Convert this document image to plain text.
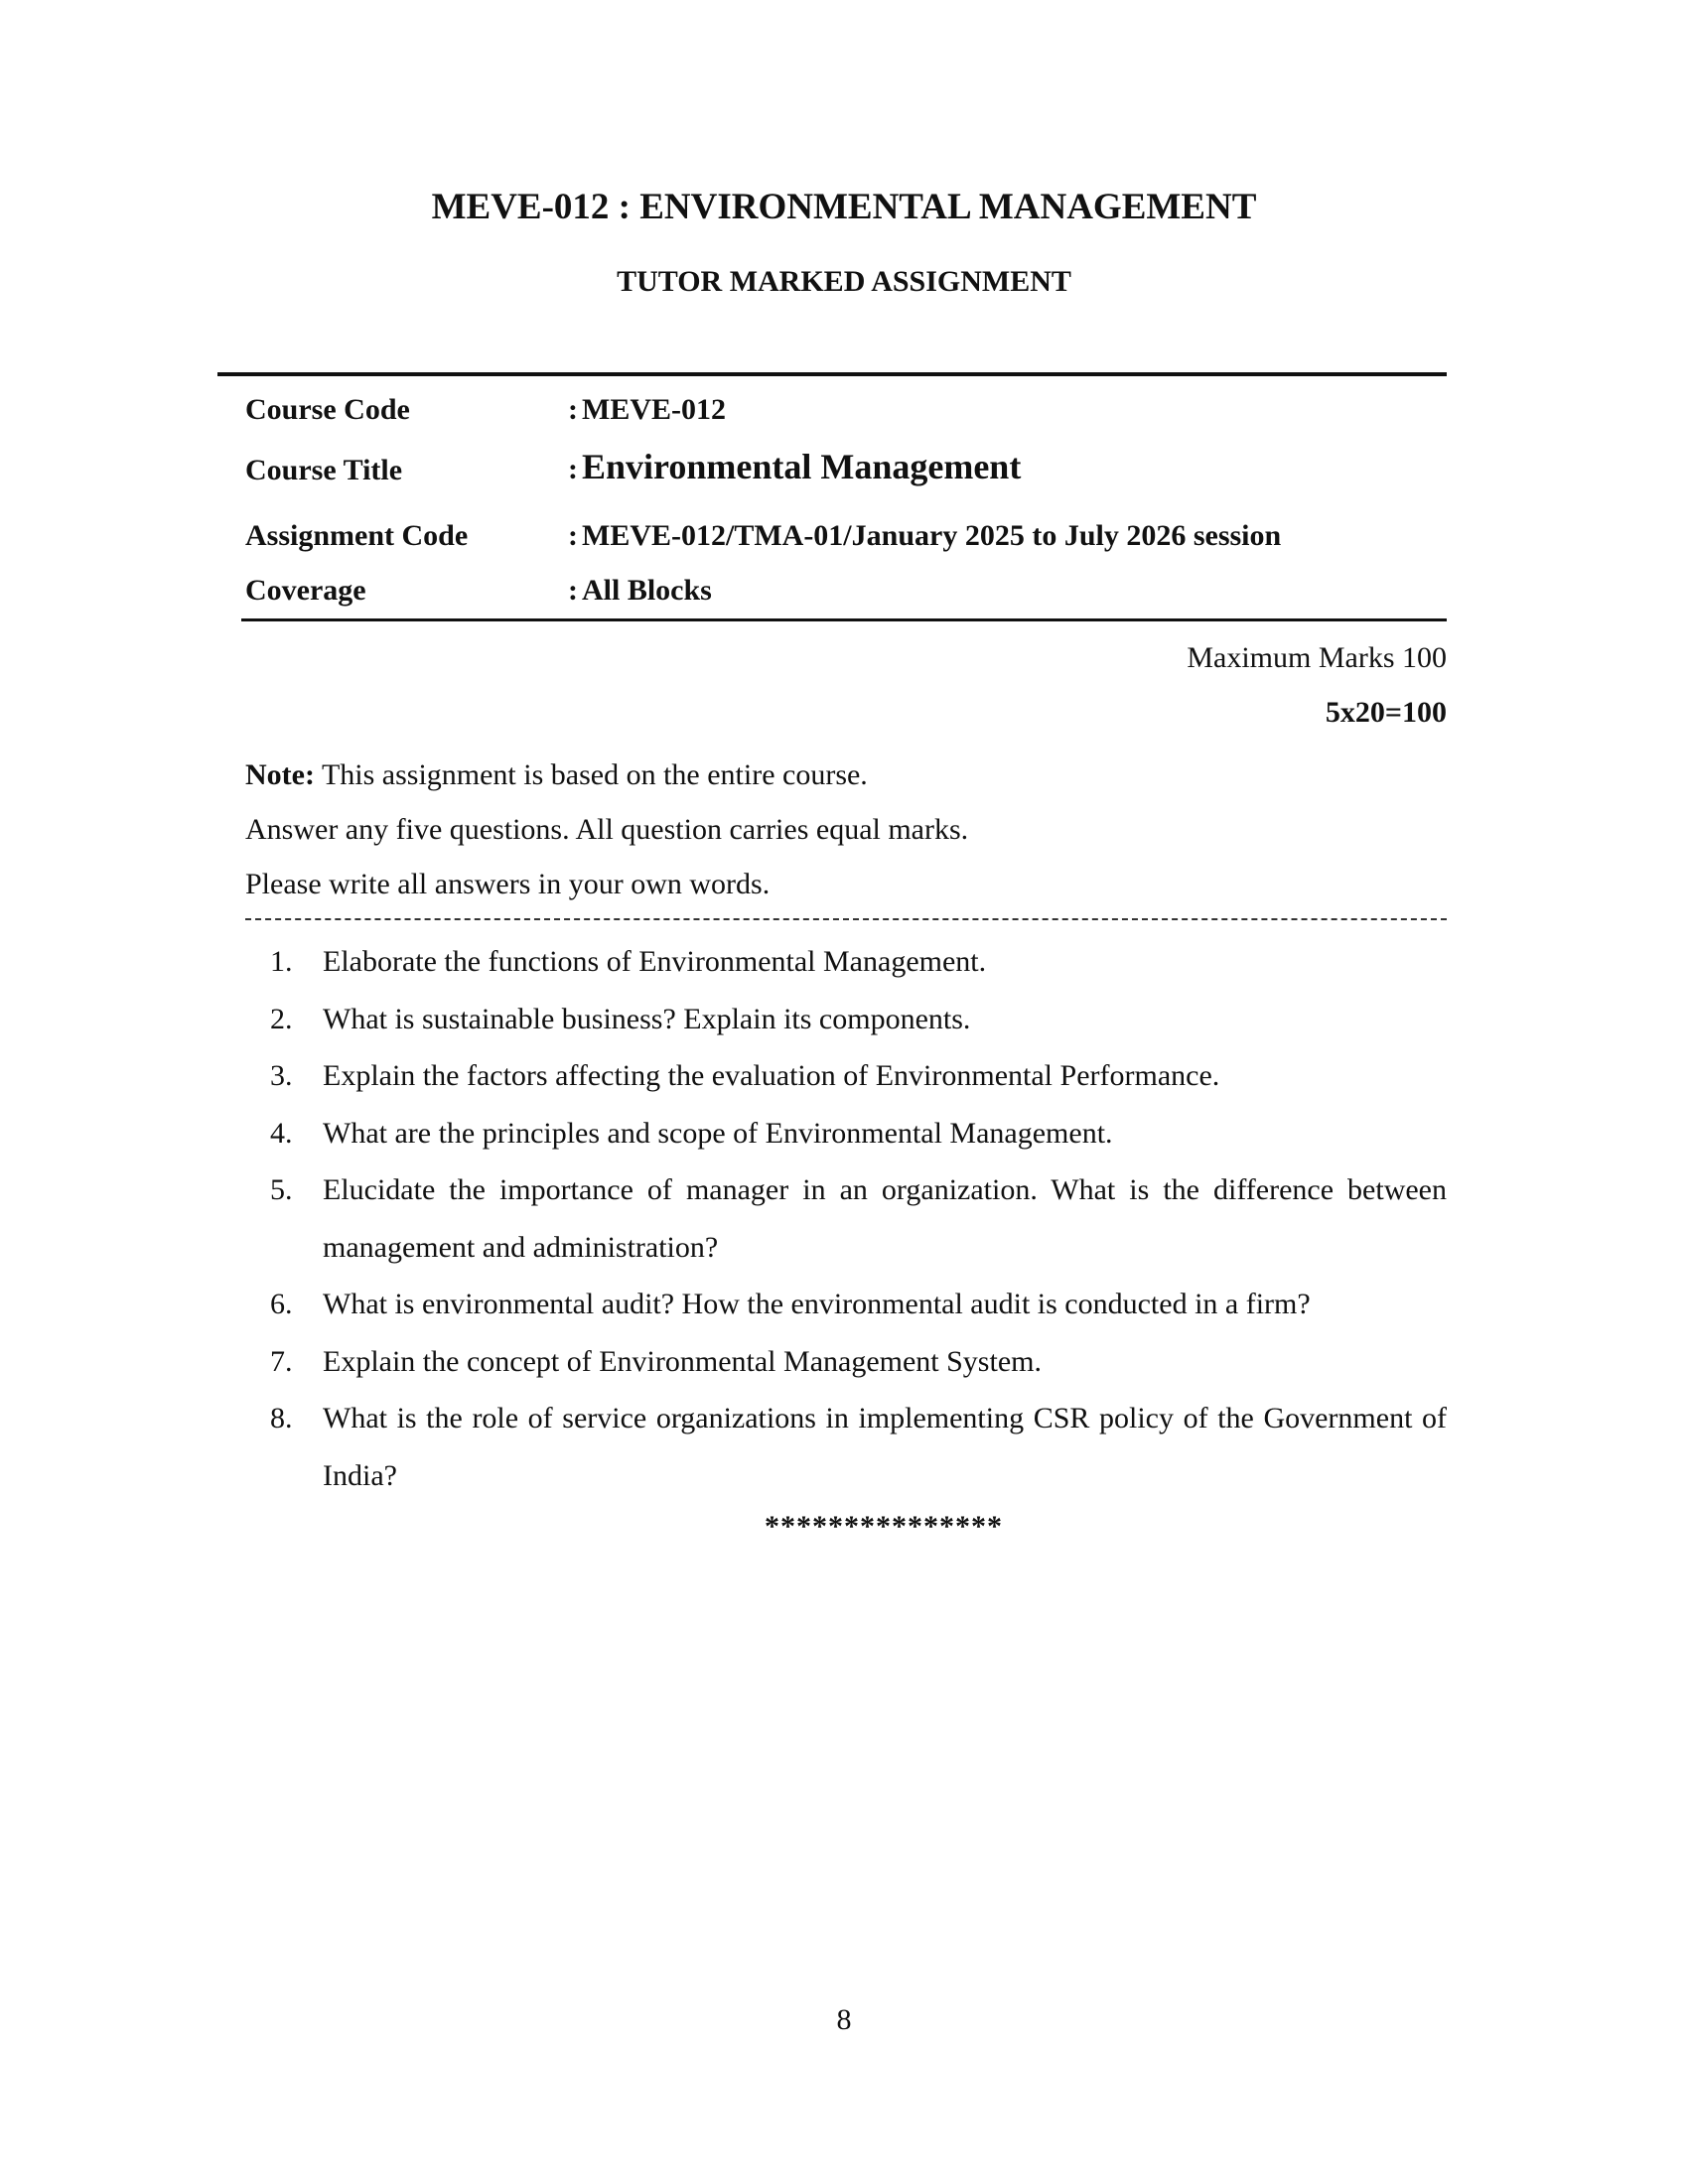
MEVE-012 : ENVIRONMENTAL MANAGEMENT
TUTOR MARKED ASSIGNMENT
Course Code	: MEVE-012
Course Title	: Environmental Management
Assignment Code	: MEVE-012/TMA-01/January 2025 to July 2026 session
Coverage	: All Blocks
Maximum Marks 100
5x20=100

Note: This assignment is based on the entire course.

Answer any five questions. All question carries equal marks.

Please write all answers in your own words.

1. Elaborate the functions of Environmental Management.
2. What is sustainable business? Explain its components.
3. Explain the factors affecting the evaluation of Environmental Performance.
4. What are the principles and scope of Environmental Management.
5. Elucidate the importance of manager in an organization. What is the difference between management and administration?
6. What is environmental audit? How the environmental audit is conducted in a firm?
7. Explain the concept of Environmental Management System.
8. What is the role of service organizations in implementing CSR policy of the Government of India?
***************
8
